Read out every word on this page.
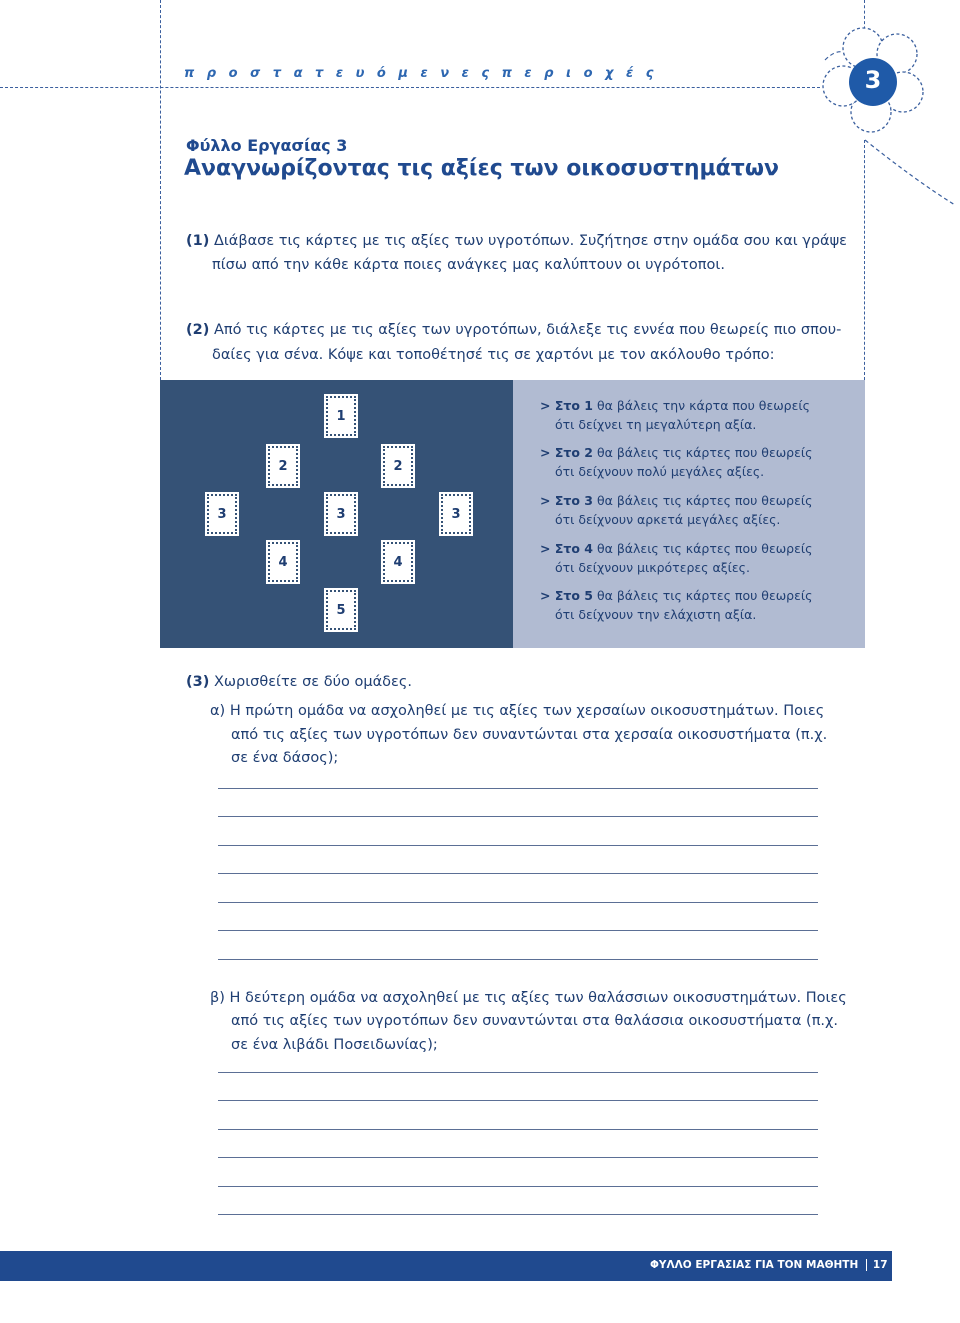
3
π ρ ο σ τ α τ ε υ ό μ ε ν ε ς π ε ρ ι ο χ έ ς
Φύλλο Εργασίας 3
Αναγνωρίζοντας τις αξίες των οικοσυστημάτων
(1) Διάβασε τις κάρτες με τις αξίες των υγροτόπων. Συζήτησε στην ομάδα σου και γράψε
πίσω από την κάθε κάρτα ποιες ανάγκες μας καλύπτουν οι υγρότοποι.
(2) Από τις κάρτες με τις αξίες των υγροτόπων, διάλεξε τις εννέα που θεωρείς πιο σπου-
δαίες για σένα. Κόψε και τοποθέτησέ τις σε χαρτόνι με τον ακόλουθο τρόπο:
1
2	2
3	3	3
4	4
5
> Στο 1 θα βάλεις την κάρτα που θεωρείς
ότι δείχνει τη μεγαλύτερη αξία.
> Στο 2 θα βάλεις τις κάρτες που θεωρείς
ότι δείχνουν πολύ μεγάλες αξίες.
> Στο 3 θα βάλεις τις κάρτες που θεωρείς
ότι δείχνουν αρκετά μεγάλες αξίες.
> Στο 4 θα βάλεις τις κάρτες που θεωρείς
ότι δείχνουν μικρότερες αξίες.
> Στο 5 θα βάλεις τις κάρτες που θεωρείς
ότι δείχνουν την ελάχιστη αξία.
(3) Χωρισθείτε σε δύο ομάδες.
α) Η πρώτη ομάδα να ασχοληθεί με τις αξίες των χερσαίων οικοσυστημάτων. Ποιες
από τις αξίες των υγροτόπων δεν συναντώνται στα χερσαία οικοσυστήματα (π.χ.
σε ένα δάσος);
β) Η δεύτερη ομάδα να ασχοληθεί με τις αξίες των θαλάσσιων οικοσυστημάτων. Ποιες
από τις αξίες των υγροτόπων δεν συναντώνται στα θαλάσσια οικοσυστήματα (π.χ.
σε ένα λιβάδι Ποσειδωνίας);
ΦΥΛΛΟ ΕΡΓΑΣΙΑΣ ΓΙΑ ΤΟΝ ΜΑΘΗΤΗ 17
